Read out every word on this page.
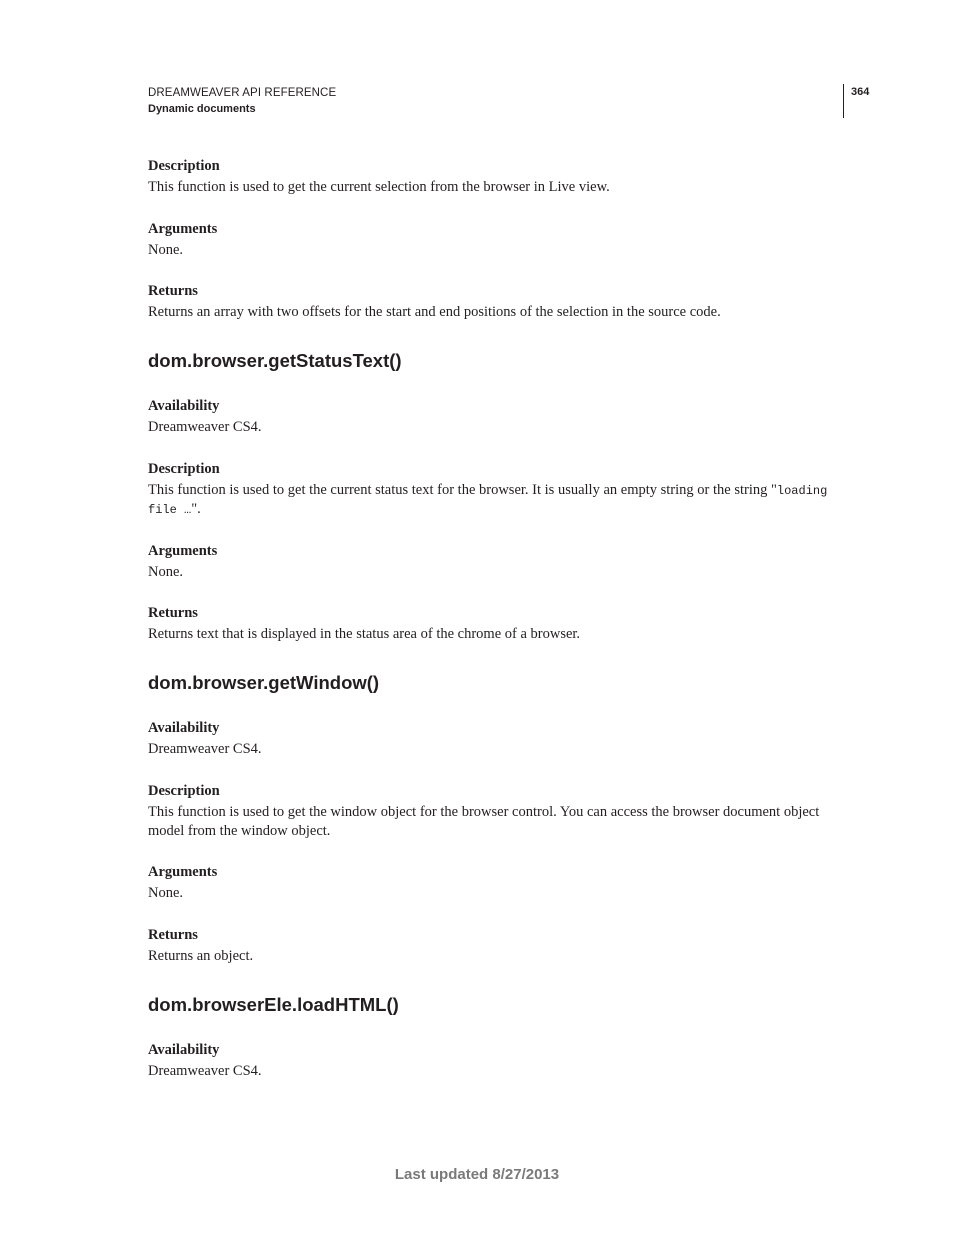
DREAMWEAVER API REFERENCE
Dynamic documents
364
Description
This function is used to get the current selection from the browser in Live view.
Arguments
None.
Returns
Returns an array with two offsets for the start and end positions of the selection in the source code.
dom.browser.getStatusText()
Availability
Dreamweaver CS4.
Description
This function is used to get the current status text for the browser. It is usually an empty string or the string "loading
file …".
Arguments
None.
Returns
Returns text that is displayed in the status area of the chrome of a browser.
dom.browser.getWindow()
Availability
Dreamweaver CS4.
Description
This function is used to get the window object for the browser control. You can access the browser document object
model from the window object.
Arguments
None.
Returns
Returns an object.
dom.browserEle.loadHTML()
Availability
Dreamweaver CS4.
Last updated 8/27/2013
